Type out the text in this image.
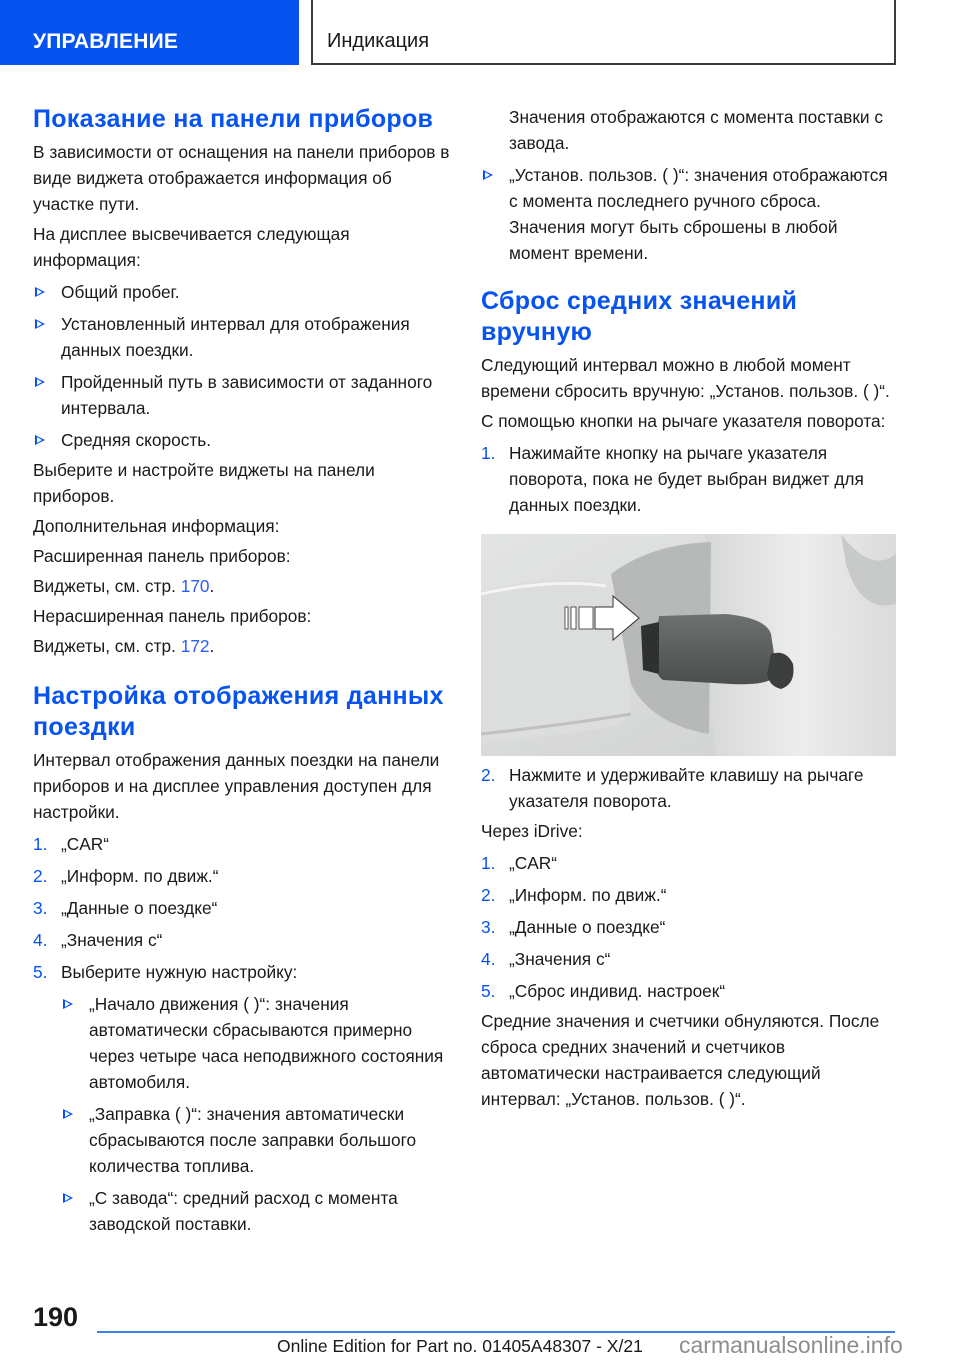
УПРАВЛЕНИЕ	Индикация
Показание на панели приборов

В зависимости от оснащения на панели приборов в виде виджета отображается информация об участке пути.

На дисплее высвечивается следующая информация:

Общий пробег.
Установленный интервал для отображения данных поездки.
Пройденный путь в зависимости от заданного интервала.
Средняя скорость.

Выберите и настройте виджеты на панели приборов.

Дополнительная информация:

Расширенная панель приборов:

Виджеты, см. стр. 170.

Нерасширенная панель приборов:

Виджеты, см. стр. 172.

Настройка отображения данных поездки

Интервал отображения данных поездки на панели приборов и на дисплее управления доступен для настройки.

1. „CAR“
2. „Информ. по движ.“
3. „Данные о поездке“
4. „Значения с“
5. Выберите нужную настройку:
„Начало движения ( )“: значения автоматически сбрасываются примерно через четыре часа неподвижного состояния автомобиля.
„Заправка ( )“: значения автоматически сбрасываются после заправки большого количества топлива.
„С завода“: средний расход с момента заводской поставки.

Значения отображаются с момента поставки с завода.

„Установ. пользов. ( )“: значения отображаются с момента последнего ручного сброса. Значения могут быть сброшены в любой момент времени.
Сброс средних значений вручную

Следующий интервал можно в любой момент времени сбросить вручную: „Установ. пользов. ( )“.

С помощью кнопки на рычаге указателя поворота:

1. Нажимайте кнопку на рычаге указателя поворота, пока не будет выбран виджет для данных поездки.
2. Нажмите и удерживайте клавишу на рычаге указателя поворота.

Через iDrive:

1. „CAR“
2. „Информ. по движ.“
3. „Данные о поездке“
4. „Значения с“
5. „Сброс индивид. настроек“

Средние значения и счетчики обнуляются. После сброса средних значений и счетчиков автоматически настраивается следующий интервал: „Установ. пользов. ( )“.

190
Online Edition for Part no. 01405A48307 - X/21 carmanualsonline.info
